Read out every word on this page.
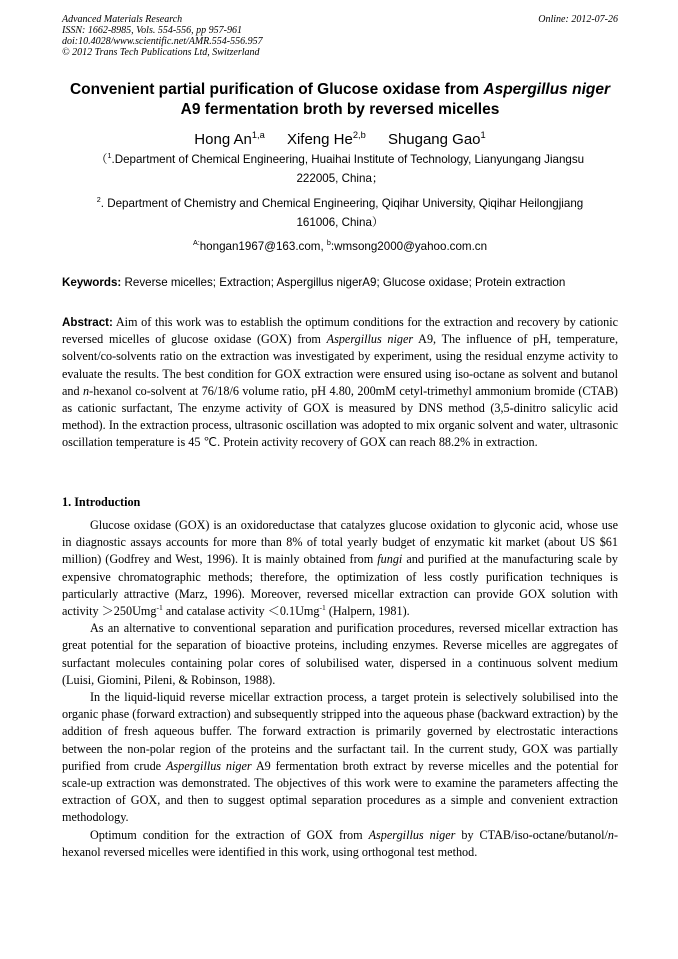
Advanced Materials Research
ISSN: 1662-8985, Vols. 554-556, pp 957-961
doi:10.4028/www.scientific.net/AMR.554-556.957
© 2012 Trans Tech Publications Ltd, Switzerland
Online: 2012-07-26
Convenient partial purification of Glucose oxidase from Aspergillus niger A9 fermentation broth by reversed micelles
Hong An$^{1,a}$ Xifeng He$^{2,b}$ Shugang Gao$^1$
（$^1$.Department of Chemical Engineering, Huaihai Institute of Technology, Lianyungang Jiangsu
222005, China；
$^2$. Department of Chemistry and Chemical Engineering, Qiqihar University, Qiqihar Heilongjiang
161006, China）
$^{A:}$hongan1967@163.com, $^b$:wmsong2000@yahoo.com.cn
Keywords: Reverse micelles; Extraction; Aspergillus nigerA9; Glucose oxidase; Protein extraction
Abstract: Aim of this work was to establish the optimum conditions for the extraction and recovery by cationic reversed micelles of glucose oxidase (GOX) from Aspergillus niger A9, The influence of pH, temperature, solvent/co-solvents ratio on the extraction was investigated by experiment, using the residual enzyme activity to evaluate the results. The best condition for GOX extraction were ensured using iso-octane as solvent and butanol and n-hexanol co-solvent at 76/18/6 volume ratio, pH 4.80, 200mM cetyl-trimethyl ammonium bromide (CTAB) as cationic surfactant, The enzyme activity of GOX is measured by DNS method (3,5-dinitro salicylic acid method). In the extraction process, ultrasonic oscillation was adopted to mix organic solvent and water, ultrasonic oscillation temperature is 45 ℃. Protein activity recovery of GOX can reach 88.2% in extraction.
1. Introduction

Glucose oxidase (GOX) is an oxidoreductase that catalyzes glucose oxidation to glyconic acid, whose use in diagnostic assays accounts for more than 8% of total yearly budget of enzymatic kit market (about US $61 million) (Godfrey and West, 1996). It is mainly obtained from fungi and purified at the manufacturing scale by expensive chromatographic methods; therefore, the optimization of less costly purification techniques is particularly attractive (Marz, 1996). Moreover, reversed micellar extraction can provide GOX solution with activity ＞250Umg$^{-1}$ and catalase activity ＜0.1Umg$^{-1}$ (Halpern, 1981).

As an alternative to conventional separation and purification procedures, reversed micellar extraction has great potential for the separation of bioactive proteins, including enzymes. Reverse micelles are aggregates of surfactant molecules containing polar cores of solubilised water, dispersed in a continuous solvent medium (Luisi, Giomini, Pileni, & Robinson, 1988).

In the liquid-liquid reverse micellar extraction process, a target protein is selectively solubilised into the organic phase (forward extraction) and subsequently stripped into the aqueous phase (backward extraction) by the addition of fresh aqueous buffer. The forward extraction is primarily governed by electrostatic interactions between the non-polar region of the proteins and the surfactant tail. In the current study, GOX was partially purified from crude Aspergillus niger A9 fermentation broth extract by reverse micelles and the potential for scale-up extraction was demonstrated. The objectives of this work were to examine the parameters affecting the extraction of GOX, and then to suggest optimal separation procedures as a simple and convenient extraction methodology.

Optimum condition for the extraction of GOX from Aspergillus niger by CTAB/iso-octane/butanol/n-hexanol reversed micelles were identified in this work, using orthogonal test method.
